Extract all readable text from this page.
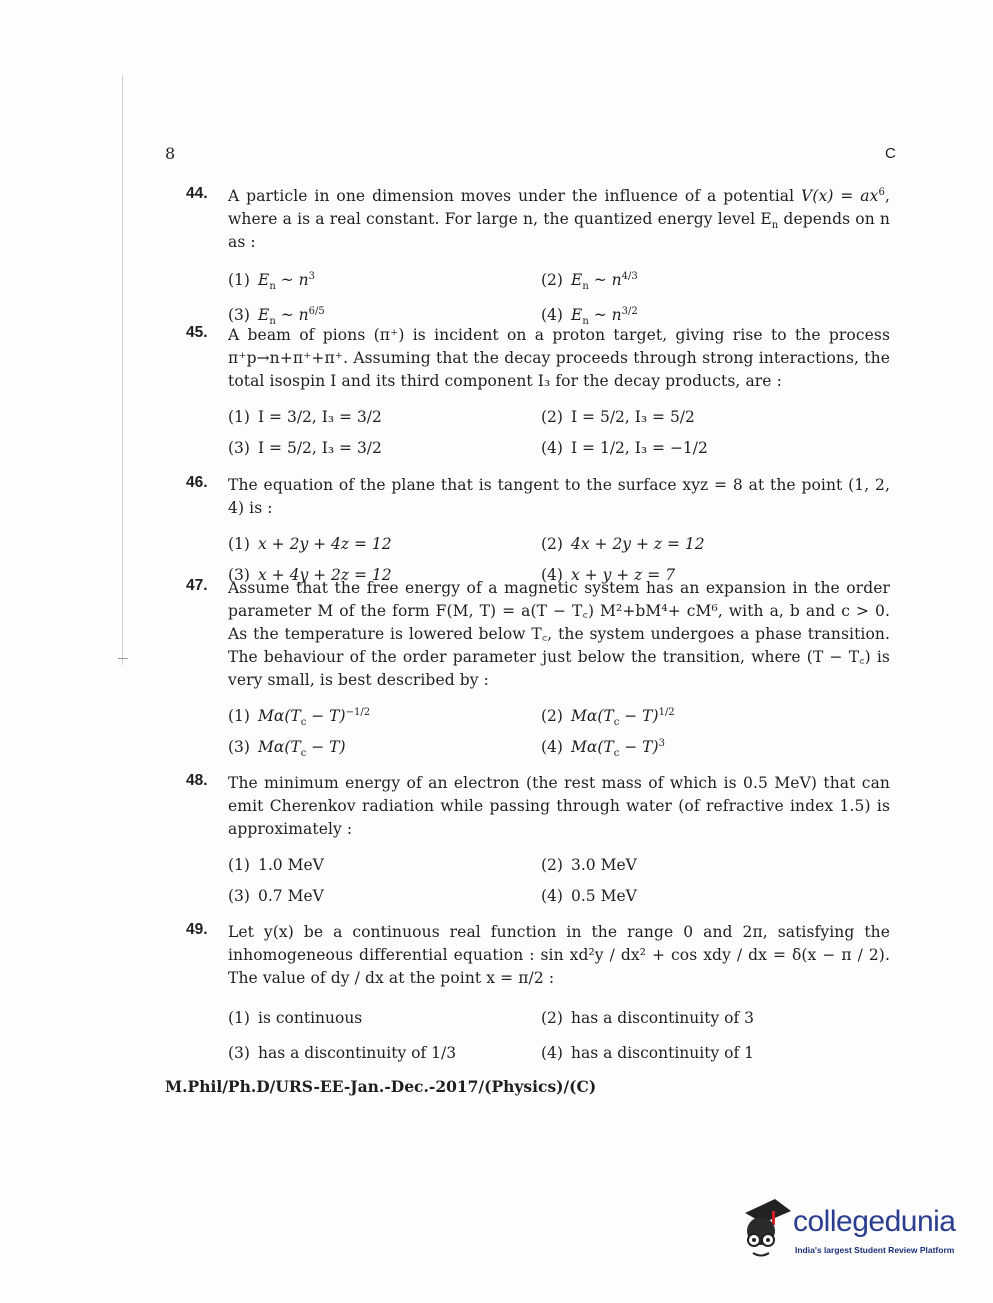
8	C
44. A particle in one dimension moves under the influence of a potential $V(x) = ax^6$, where a is a real constant. For large n, the quantized energy level $E_n$ depends on n as :
(1) $E_n$ ~ $n^3$	(2) $E_n$ ~ $n^{4/3}$
(3) $E_n$ ~ $n^{6/5}$	(4) $E_n$ ~ $n^{3/2}$
45. A beam of pions (π⁺) is incident on a proton target, giving rise to the process π⁺p→n+π⁺+π⁺. Assuming that the decay proceeds through strong interactions, the total isospin I and its third component I₃ for the decay products, are :
(1) I = 3/2, I₃ = 3/2	(2) I = 5/2, I₃ = 5/2
(3) I = 5/2, I₃ = 3/2	(4) I = 1/2, I₃ = −1/2
46. The equation of the plane that is tangent to the surface xyz = 8 at the point (1, 2, 4) is :
(1) x + 2y + 4z = 12	(2) 4x + 2y + z = 12
(3) x + 4y + 2z = 12	(4) x + y + z = 7
47. Assume that the free energy of a magnetic system has an expansion in the order parameter M of the form F(M, T) = a(T − T꜀) M²+bM⁴+ cM⁶, with a, b and c > 0. As the temperature is lowered below T꜀, the system undergoes a phase transition. The behaviour of the order parameter just below the transition, where (T − T꜀) is very small, is best described by :
(1) $M\alpha(T_c - T)^{-1/2}$	(2) $M\alpha(T_c - T)^{1/2}$
(3) $M\alpha(T_c - T)$	(4) $M\alpha(T_c - T)^3$
48. The minimum energy of an electron (the rest mass of which is 0.5 MeV) that can emit Cherenkov radiation while passing through water (of refractive index 1.5) is approximately :
(1) 1.0 MeV	(2) 3.0 MeV
(3) 0.7 MeV	(4) 0.5 MeV
49. Let y(x) be a continuous real function in the range 0 and 2π, satisfying the inhomogeneous differential equation : sin xd²y / dx² + cos xdy / dx = δ(x − π / 2). The value of dy / dx at the point x = π/2 :
(1) is continuous	(2) has a discontinuity of 3
(3) has a discontinuity of 1/3	(4) has a discontinuity of 1
M.Phil/Ph.D/URS-EE-Jan.-Dec.-2017/(Physics)/(C)
collegedunia
India's largest Student Review Platform
